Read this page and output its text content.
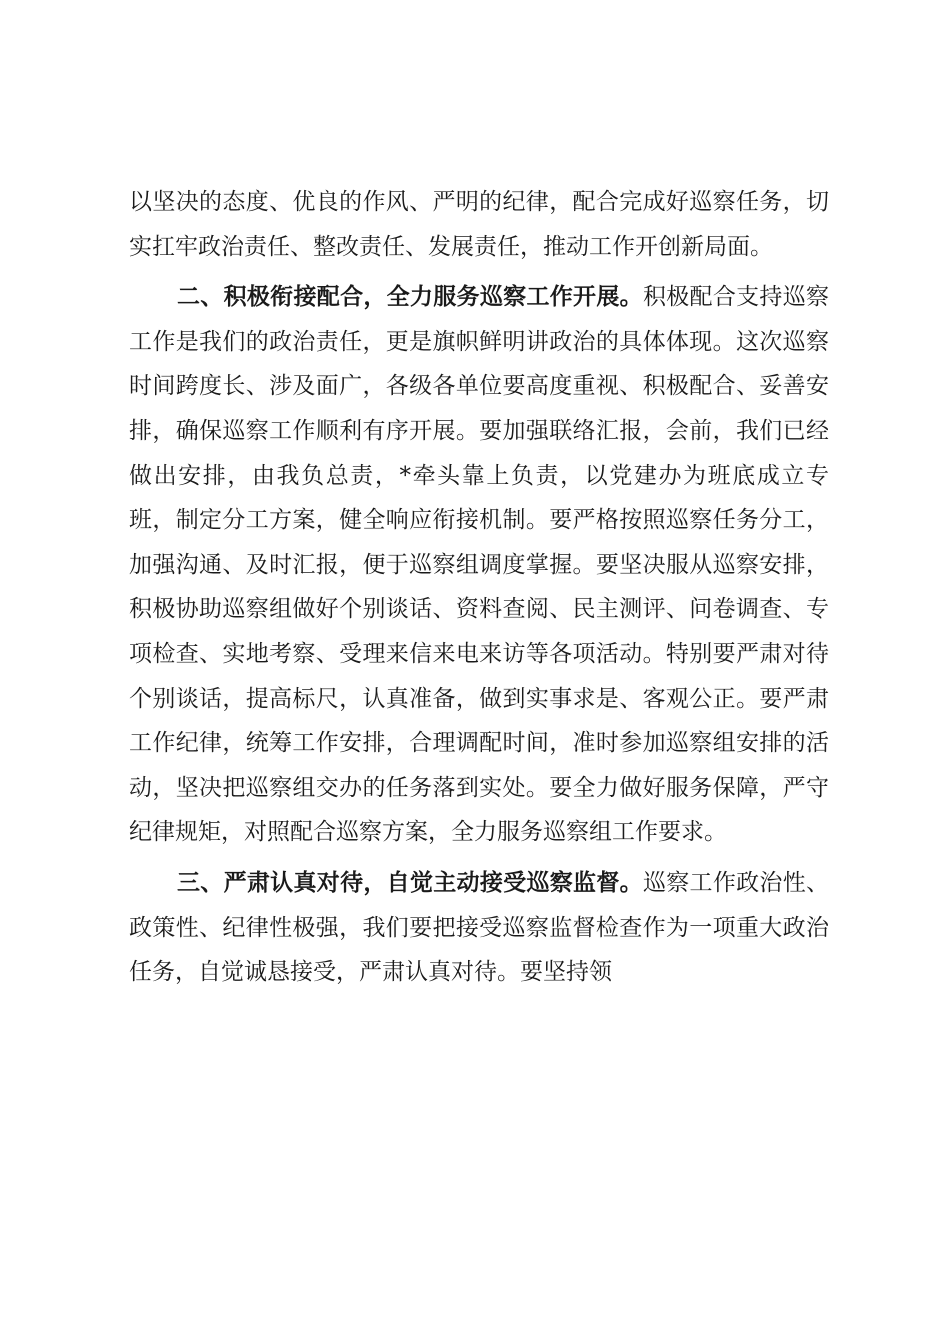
以坚决的态度、优良的作风、严明的纪律，配合完成好巡察任务，切实扛牢政治责任、整改责任、发展责任，推动工作开创新局面。

二、积极衔接配合，全力服务巡察工作开展。积极配合支持巡察工作是我们的政治责任，更是旗帜鲜明讲政治的具体体现。这次巡察时间跨度长、涉及面广，各级各单位要高度重视、积极配合、妥善安排，确保巡察工作顺利有序开展。要加强联络汇报，会前，我们已经做出安排，由我负总责，*牵头靠上负责，以党建办为班底成立专班，制定分工方案，健全响应衔接机制。要严格按照巡察任务分工，加强沟通、及时汇报，便于巡察组调度掌握。要坚决服从巡察安排，积极协助巡察组做好个别谈话、资料查阅、民主测评、问卷调查、专项检查、实地考察、受理来信来电来访等各项活动。特别要严肃对待个别谈话，提高标尺，认真准备，做到实事求是、客观公正。要严肃工作纪律，统筹工作安排，合理调配时间，准时参加巡察组安排的活动，坚决把巡察组交办的任务落到实处。要全力做好服务保障，严守纪律规矩，对照配合巡察方案，全力服务巡察组工作要求。

三、严肃认真对待，自觉主动接受巡察监督。巡察工作政治性、政策性、纪律性极强，我们要把接受巡察监督检查作为一项重大政治任务，自觉诚恳接受，严肃认真对待。要坚持领
